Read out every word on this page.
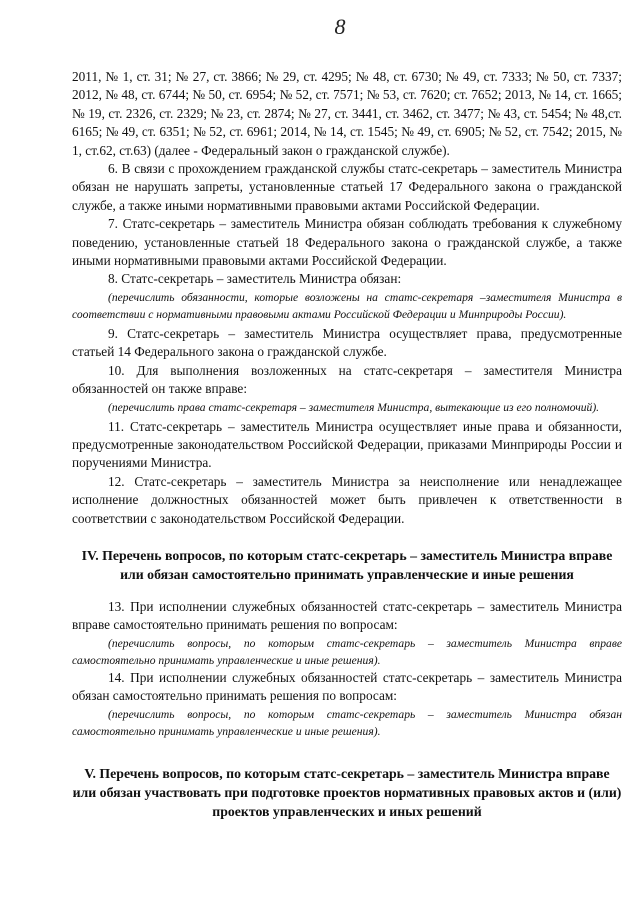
8

2011, № 1, ст. 31; № 27, ст. 3866; № 29, ст. 4295; № 48, ст. 6730; № 49, ст. 7333; № 50, ст. 7337; 2012, № 48, ст. 6744; № 50, ст. 6954; № 52, ст. 7571; № 53, ст. 7620; ст. 7652; 2013, № 14, ст. 1665; № 19, ст. 2326, ст. 2329; № 23, ст. 2874; № 27, ст. 3441, ст. 3462, ст. 3477; № 43, ст. 5454; № 48,ст. 6165; № 49, ст. 6351; № 52, ст. 6961; 2014, № 14, ст. 1545; № 49, ст. 6905; № 52, ст. 7542; 2015, № 1, ст.62, ст.63) (далее - Федеральный закон о гражданской службе).

6. В связи с прохождением гражданской службы статс-секретарь – заместитель Министра обязан не нарушать запреты, установленные статьей 17 Федерального закона о гражданской службе, а также иными нормативными правовыми актами Российской Федерации.

7. Статс-секретарь – заместитель Министра обязан соблюдать требования к служебному поведению, установленные статьей 18 Федерального закона о гражданской службе, а также иными нормативными правовыми актами Российской Федерации.

8. Статс-секретарь – заместитель Министра обязан:

(перечислить обязанности, которые возложены на статс-секретаря –заместителя Министра в соответствии с нормативными правовыми актами Российской Федерации и Минприроды России).

9. Статс-секретарь – заместитель Министра осуществляет права, предусмотренные статьей 14 Федерального закона о гражданской службе.

10. Для выполнения возложенных на статс-секретаря – заместителя Министра обязанностей он также вправе:

(перечислить права статс-секретаря – заместителя Министра, вытекающие из его полномочий).

11. Статс-секретарь – заместитель Министра осуществляет иные права и обязанности, предусмотренные законодательством Российской Федерации, приказами Минприроды России и поручениями Министра.

12. Статс-секретарь – заместитель Министра за неисполнение или ненадлежащее исполнение должностных обязанностей может быть привлечен к ответственности в соответствии с законодательством Российской Федерации.

IV. Перечень вопросов, по которым статс-секретарь – заместитель Министра вправе или обязан самостоятельно принимать управленческие и иные решения

13. При исполнении служебных обязанностей статс-секретарь – заместитель Министра вправе самостоятельно принимать решения по вопросам:

(перечислить вопросы, по которым статс-секретарь – заместитель Министра вправе самостоятельно принимать управленческие и иные решения).

14. При исполнении служебных обязанностей статс-секретарь – заместитель Министра обязан самостоятельно принимать решения по вопросам:

(перечислить вопросы, по которым статс-секретарь – заместитель Министра обязан самостоятельно принимать управленческие и иные решения).

V. Перечень вопросов, по которым статс-секретарь – заместитель Министра вправе или обязан участвовать при подготовке проектов нормативных правовых актов и (или) проектов управленческих и иных решений
